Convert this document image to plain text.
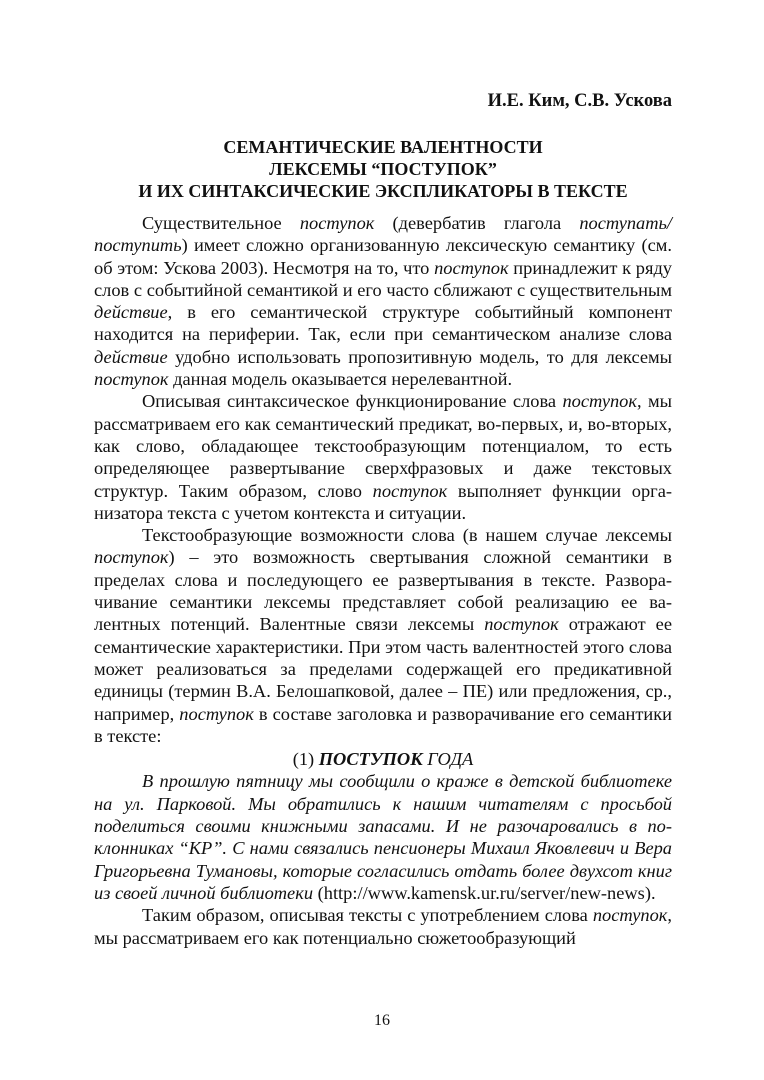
И.Е. Ким, С.В. Ускова
СЕМАНТИЧЕСКИЕ ВАЛЕНТНОСТИ
ЛЕКСЕМЫ “ПОСТУПОК”
И ИХ СИНТАКСИЧЕСКИЕ ЭКСПЛИКАТОРЫ В ТЕКСТЕ

Существительное поступок (девербатив глагола поступать/поступить) имеет сложно организованную лексическую семантику (см. об этом: Ускова 2003). Несмотря на то, что поступок принадлежит к ряду слов с событийной семантикой и его часто сближают с существительным действие, в его семантической структуре событийный компонент находится на периферии. Так, если при семантическом анализе слова действие удобно использовать пропозитивную модель, то для лексемы поступок данная модель оказывается нерелевантной.

Описывая синтаксическое функционирование слова поступок, мы рассматриваем его как семантический предикат, во-первых, и, во-вторых, как слово, обладающее текстообразующим потенциалом, то есть определяющее развертывание сверхфразовых и даже текстовых структур. Таким образом, слово поступок выполняет функции организатора текста с учетом контекста и ситуации.

Текстообразующие возможности слова (в нашем случае лексемы поступок) – это возможность свертывания сложной семантики в пределах слова и последующего ее развертывания в тексте. Разворачивание семантики лексемы представляет собой реализацию ее валентных потенций. Валентные связи лексемы поступок отражают ее семантические характеристики. При этом часть валентностей этого слова может реализоваться за пределами содержащей его предикативной единицы (термин В.А. Белошапковой, далее – ПЕ) или предложения, ср., например, поступок в составе заголовка и разворачивание его семантики в тексте:

(1) ПОСТУПОК ГОДА

В прошлую пятницу мы сообщили о краже в детской библиотеке на ул. Парковой. Мы обратились к нашим читателям с просьбой поделиться своими книжными запасами. И не разочаровались в поклонниках “КР”. С нами связались пенсионеры Михаил Яковлевич и Вера Григорьевна Тумановы, которые согласились отдать более двухсот книг из своей личной библиотеки (http://www.kamensk.ur.ru/server/new-news).

Таким образом, описывая тексты с употреблением слова поступок, мы рассматриваем его как потенциально сюжетообразующий

16
